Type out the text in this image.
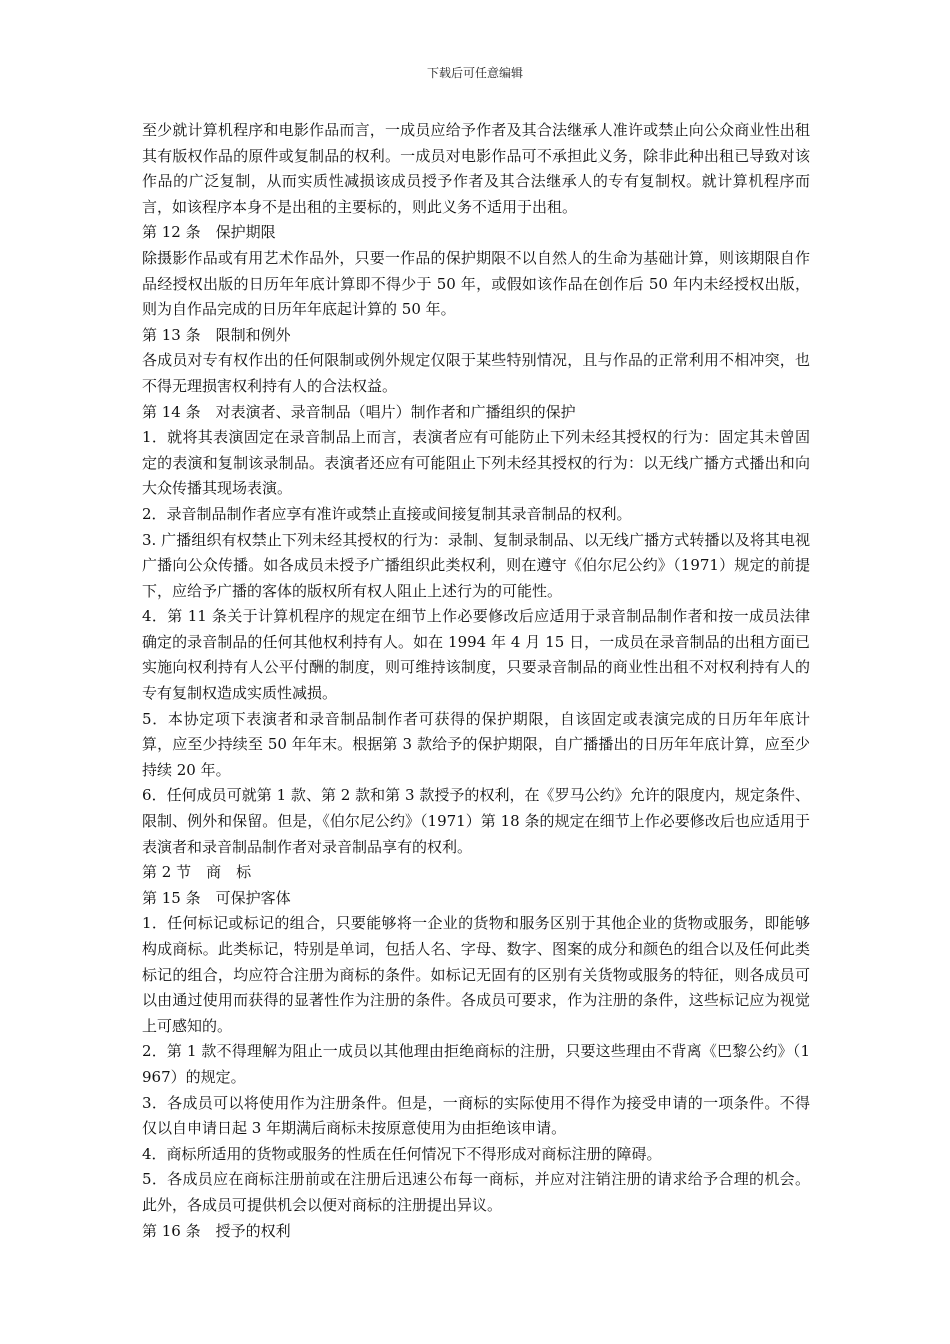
下载后可任意编辑

至少就计算机程序和电影作品而言，一成员应给予作者及其合法继承人准许或禁止向公众商业性出租其有版权作品的原件或复制品的权利。一成员对电影作品可不承担此义务，除非此种出租已导致对该作品的广泛复制，从而实质性减损该成员授予作者及其合法继承人的专有复制权。就计算机程序而言，如该程序本身不是出租的主要标的，则此义务不适用于出租。

第 12 条　保护期限

除摄影作品或有用艺术作品外，只要一作品的保护期限不以自然人的生命为基础计算，则该期限自作品经授权出版的日历年年底计算即不得少于 50 年，或假如该作品在创作后 50 年内未经授权出版，则为自作品完成的日历年年底起计算的 50 年。

第 13 条　限制和例外

各成员对专有权作出的任何限制或例外规定仅限于某些特别情况，且与作品的正常利用不相冲突，也不得无理损害权利持有人的合法权益。

第 14 条　对表演者、录音制品（唱片）制作者和广播组织的保护

1．就将其表演固定在录音制品上而言，表演者应有可能防止下列未经其授权的行为：固定其未曾固定的表演和复制该录制品。表演者还应有可能阻止下列未经其授权的行为：以无线广播方式播出和向大众传播其现场表演。

2．录音制品制作者应享有准许或禁止直接或间接复制其录音制品的权利。

3. 广播组织有权禁止下列未经其授权的行为：录制、复制录制品、以无线广播方式转播以及将其电视广播向公众传播。如各成员未授予广播组织此类权利，则在遵守《伯尔尼公约》（1971）规定的前提下，应给予广播的客体的版权所有权人阻止上述行为的可能性。

4．第 11 条关于计算机程序的规定在细节上作必要修改后应适用于录音制品制作者和按一成员法律确定的录音制品的任何其他权利持有人。如在 1994 年 4 月 15 日，一成员在录音制品的出租方面已实施向权利持有人公平付酬的制度，则可维持该制度，只要录音制品的商业性出租不对权利持有人的专有复制权造成实质性减损。

5．本协定项下表演者和录音制品制作者可获得的保护期限，自该固定或表演完成的日历年年底计算，应至少持续至 50 年年末。根据第 3 款给予的保护期限，自广播播出的日历年年底计算，应至少持续 20 年。

6．任何成员可就第 1 款、第 2 款和第 3 款授予的权利，在《罗马公约》允许的限度内，规定条件、限制、例外和保留。但是，《伯尔尼公约》（1971）第 18 条的规定在细节上作必要修改后也应适用于表演者和录音制品制作者对录音制品享有的权利。

第 2 节　商　标

第 15 条　可保护客体

1．任何标记或标记的组合，只要能够将一企业的货物和服务区别于其他企业的货物或服务，即能够构成商标。此类标记，特别是单词，包括人名、字母、数字、图案的成分和颜色的组合以及任何此类标记的组合，均应符合注册为商标的条件。如标记无固有的区别有关货物或服务的特征，则各成员可以由通过使用而获得的显著性作为注册的条件。各成员可要求，作为注册的条件，这些标记应为视觉上可感知的。

2．第 1 款不得理解为阻止一成员以其他理由拒绝商标的注册，只要这些理由不背离《巴黎公约》（1967）的规定。

3．各成员可以将使用作为注册条件。但是，一商标的实际使用不得作为接受申请的一项条件。不得仅以自申请日起 3 年期满后商标未按原意使用为由拒绝该申请。

4．商标所适用的货物或服务的性质在任何情况下不得形成对商标注册的障碍。

5．各成员应在商标注册前或在注册后迅速公布每一商标，并应对注销注册的请求给予合理的机会。此外，各成员可提供机会以便对商标的注册提出异议。

第 16 条　授予的权利
